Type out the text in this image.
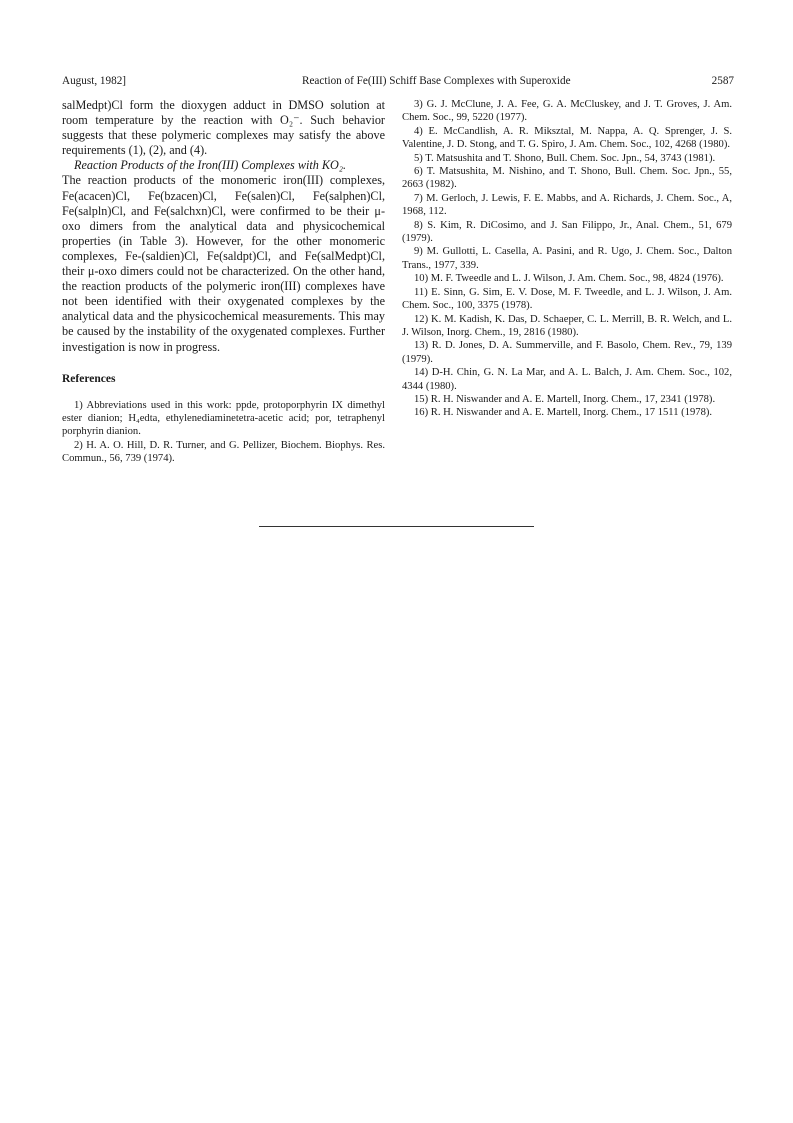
August, 1982]	Reaction of Fe(III) Schiff Base Complexes with Superoxide	2587

salMedpt)Cl form the dioxygen adduct in DMSO solution at room temperature by the reaction with O₂⁻. Such behavior suggests that these polymeric complexes may satisfy the above requirements (1), (2), and (4).

Reaction Products of the Iron(III) Complexes with KO₂.

The reaction products of the monomeric iron(III) complexes, Fe(acacen)Cl, Fe(bzacen)Cl, Fe(salen)Cl, Fe(salphen)Cl, Fe(salpln)Cl, and Fe(salchxn)Cl, were confirmed to be their μ-oxo dimers from the analytical data and physicochemical properties (in Table 3). However, for the other monomeric complexes, Fe-(saldien)Cl, Fe(saldpt)Cl, and Fe(salMedpt)Cl, their μ-oxo dimers could not be characterized. On the other hand, the reaction products of the polymeric iron(III) complexes have not been identified with their oxygenated complexes by the analytical data and the physicochemical measurements. This may be caused by the instability of the oxygenated complexes. Further investigation is now in progress.

References

1) Abbreviations used in this work: ppde, protoporphyrin IX dimethyl ester dianion; H₄edta, ethylenediaminetetra-acetic acid; por, tetraphenyl porphyrin dianion.

2) H. A. O. Hill, D. R. Turner, and G. Pellizer, Biochem. Biophys. Res. Commun., 56, 739 (1974).

3) G. J. McClune, J. A. Fee, G. A. McCluskey, and J. T. Groves, J. Am. Chem. Soc., 99, 5220 (1977).

4) E. McCandlish, A. R. Miksztal, M. Nappa, A. Q. Sprenger, J. S. Valentine, J. D. Stong, and T. G. Spiro, J. Am. Chem. Soc., 102, 4268 (1980).

5) T. Matsushita and T. Shono, Bull. Chem. Soc. Jpn., 54, 3743 (1981).

6) T. Matsushita, M. Nishino, and T. Shono, Bull. Chem. Soc. Jpn., 55, 2663 (1982).

7) M. Gerloch, J. Lewis, F. E. Mabbs, and A. Richards, J. Chem. Soc., A, 1968, 112.

8) S. Kim, R. DiCosimo, and J. San Filippo, Jr., Anal. Chem., 51, 679 (1979).

9) M. Gullotti, L. Casella, A. Pasini, and R. Ugo, J. Chem. Soc., Dalton Trans., 1977, 339.

10) M. F. Tweedle and L. J. Wilson, J. Am. Chem. Soc., 98, 4824 (1976).

11) E. Sinn, G. Sim, E. V. Dose, M. F. Tweedle, and L. J. Wilson, J. Am. Chem. Soc., 100, 3375 (1978).

12) K. M. Kadish, K. Das, D. Schaeper, C. L. Merrill, B. R. Welch, and L. J. Wilson, Inorg. Chem., 19, 2816 (1980).

13) R. D. Jones, D. A. Summerville, and F. Basolo, Chem. Rev., 79, 139 (1979).

14) D-H. Chin, G. N. La Mar, and A. L. Balch, J. Am. Chem. Soc., 102, 4344 (1980).

15) R. H. Niswander and A. E. Martell, Inorg. Chem., 17, 2341 (1978).

16) R. H. Niswander and A. E. Martell, Inorg. Chem., 17 1511 (1978).
